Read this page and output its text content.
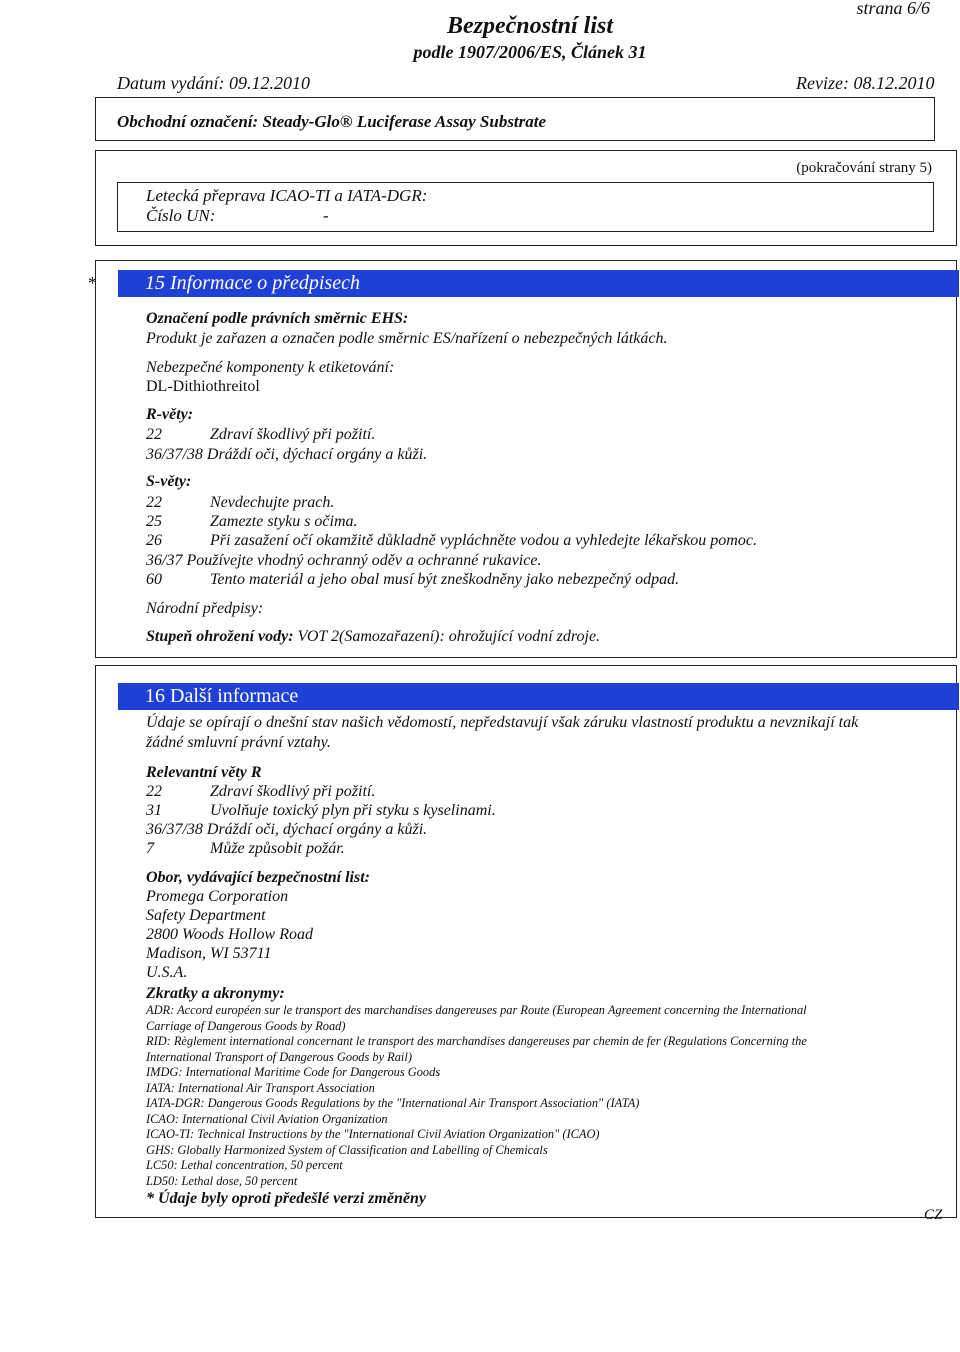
strana 6/6
Bezpečnostní list
podle 1907/2006/ES, Článek 31
Datum vydání: 09.12.2010	Revize: 08.12.2010
Obchodní označení: Steady-Glo® Luciferase Assay Substrate
(pokračování strany 5)
Letecká přeprava ICAO-TI a IATA-DGR:
Číslo UN:	-
*	15 Informace o předpisech
Označení podle právních směrnic EHS:
Produkt je zařazen a označen podle směrnic ES/nařízení o nebezpečných látkách.
Nebezpečné komponenty k etiketování:
DL-Dithiothreitol
R-věty:
22	Zdraví škodlivý při požití.
36/37/38 Dráždí oči, dýchací orgány a kůži.
S-věty:
22	Nevdechujte prach.
25	Zamezte styku s očima.
26	Při zasažení očí okamžitě důkladně vypláchněte vodou a vyhledejte lékařskou pomoc.
36/37 Používejte vhodný ochranný oděv a ochranné rukavice.
60	Tento materiál a jeho obal musí být zneškodněny jako nebezpečný odpad.
Národní předpisy:
Stupeň ohrožení vody: VOT 2(Samozařazení): ohrožující vodní zdroje.
16 Další informace
Údaje se opírají o dnešní stav našich vědomostí, nepředstavují však záruku vlastností produktu a nevznikají tak
žádné smluvní právní vztahy.
Relevantní věty R
22	Zdraví škodlivý při požití.
31	Uvolňuje toxický plyn při styku s kyselinami.
36/37/38 Dráždí oči, dýchací orgány a kůži.
7	Může způsobit požár.
Obor, vydávající bezpečnostní list:
Promega Corporation
Safety Department
2800 Woods Hollow Road
Madison, WI 53711
U.S.A.
Zkratky a akronymy:
ADR: Accord européen sur le transport des marchandises dangereuses par Route (European Agreement concerning the International
Carriage of Dangerous Goods by Road)
RID: Règlement international concernant le transport des marchandises dangereuses par chemin de fer (Regulations Concerning the
International Transport of Dangerous Goods by Rail)
IMDG: International Maritime Code for Dangerous Goods
IATA: International Air Transport Association
IATA-DGR: Dangerous Goods Regulations by the "International Air Transport Association" (IATA)
ICAO: International Civil Aviation Organization
ICAO-TI: Technical Instructions by the "International Civil Aviation Organization" (ICAO)
GHS: Globally Harmonized System of Classification and Labelling of Chemicals
LC50: Lethal concentration, 50 percent
LD50: Lethal dose, 50 percent
* Údaje byly oproti předešlé verzi změněny
CZ
